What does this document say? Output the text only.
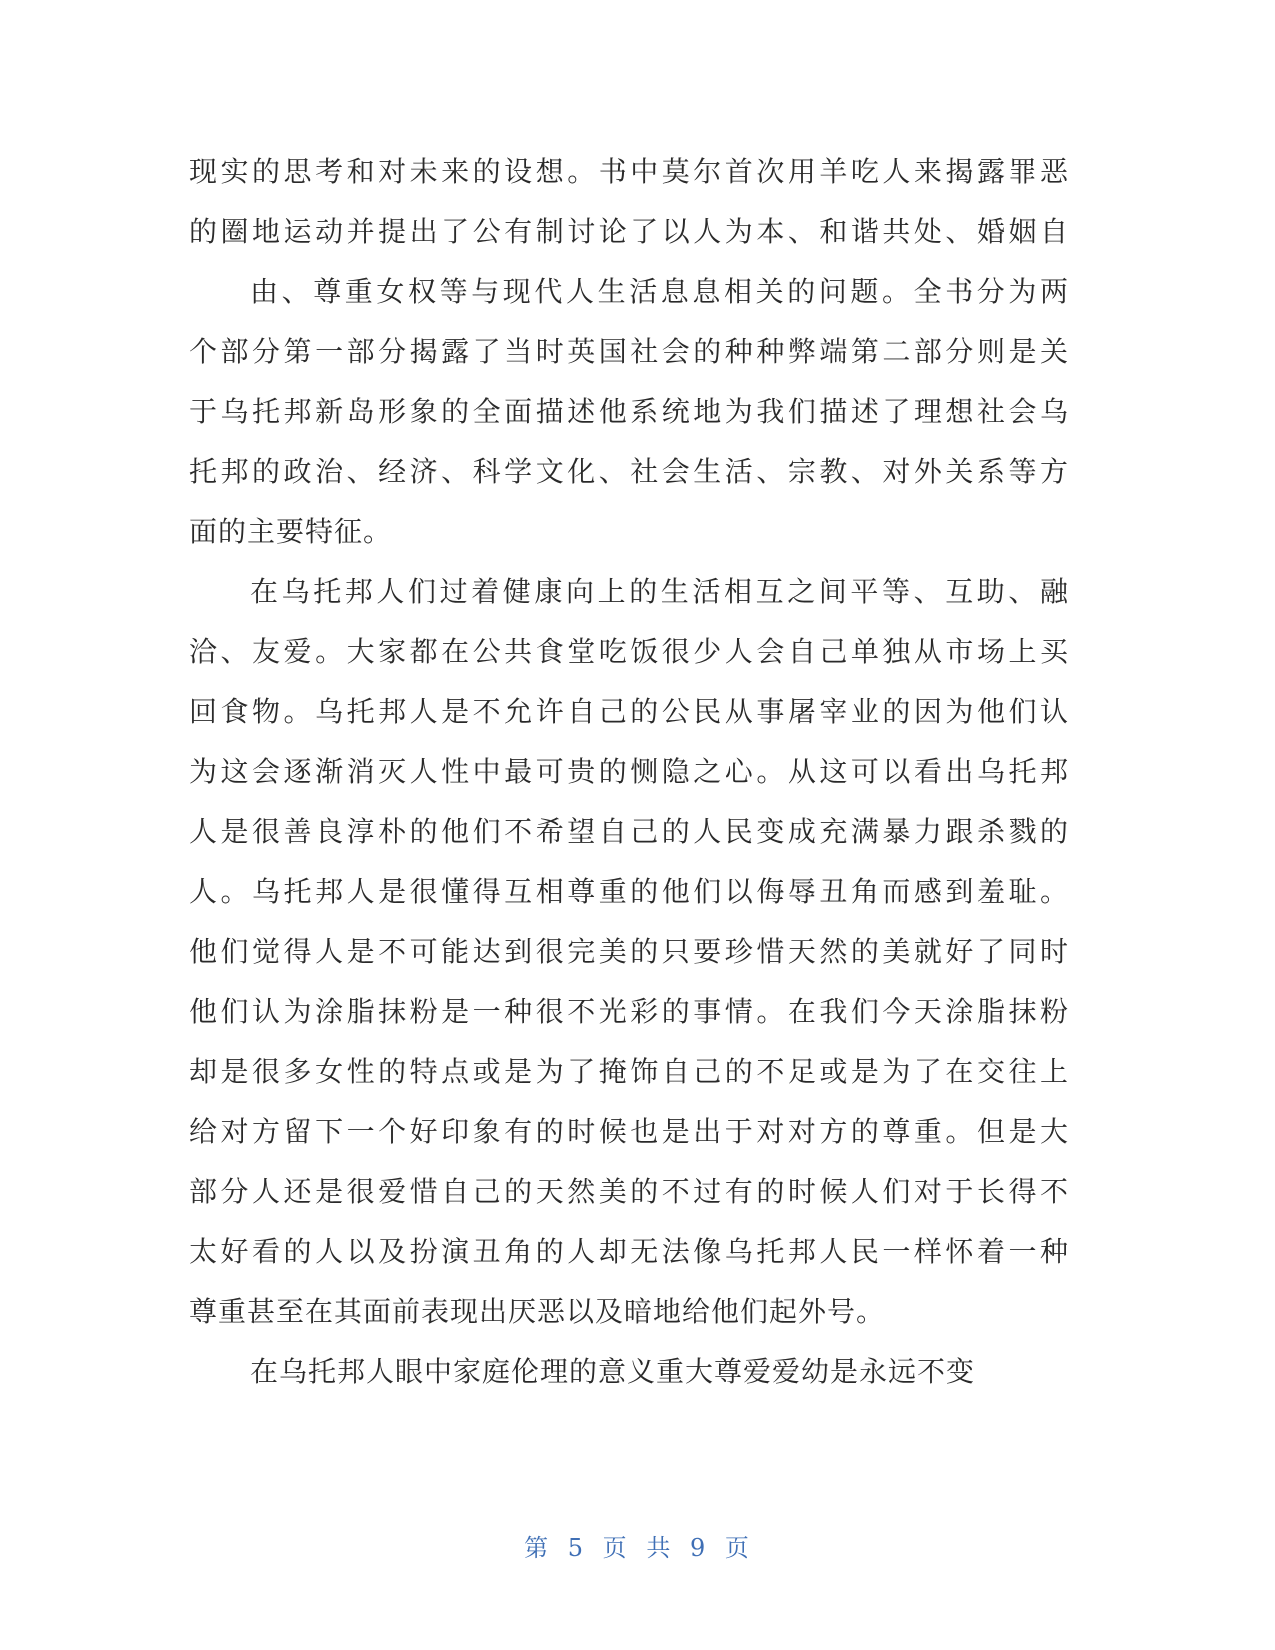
现实的思考和对未来的设想。书中莫尔首次用羊吃人来揭露罪恶
的圈地运动并提出了公有制讨论了以人为本、和谐共处、婚姻自
由、尊重女权等与现代人生活息息相关的问题。全书分为两
个部分第一部分揭露了当时英国社会的种种弊端第二部分则是关
于乌托邦新岛形象的全面描述他系统地为我们描述了理想社会乌
托邦的政治、经济、科学文化、社会生活、宗教、对外关系等方
面的主要特征。
在乌托邦人们过着健康向上的生活相互之间平等、互助、融
洽、友爱。大家都在公共食堂吃饭很少人会自己单独从市场上买
回食物。乌托邦人是不允许自己的公民从事屠宰业的因为他们认
为这会逐渐消灭人性中最可贵的恻隐之心。从这可以看出乌托邦
人是很善良淳朴的他们不希望自己的人民变成充满暴力跟杀戮的
人。乌托邦人是很懂得互相尊重的他们以侮辱丑角而感到羞耻。
他们觉得人是不可能达到很完美的只要珍惜天然的美就好了同时
他们认为涂脂抹粉是一种很不光彩的事情。在我们今天涂脂抹粉
却是很多女性的特点或是为了掩饰自己的不足或是为了在交往上
给对方留下一个好印象有的时候也是出于对对方的尊重。但是大
部分人还是很爱惜自己的天然美的不过有的时候人们对于长得不
太好看的人以及扮演丑角的人却无法像乌托邦人民一样怀着一种
尊重甚至在其面前表现出厌恶以及暗地给他们起外号。
在乌托邦人眼中家庭伦理的意义重大尊爱爱幼是永远不变
第 5 页 共 9 页
